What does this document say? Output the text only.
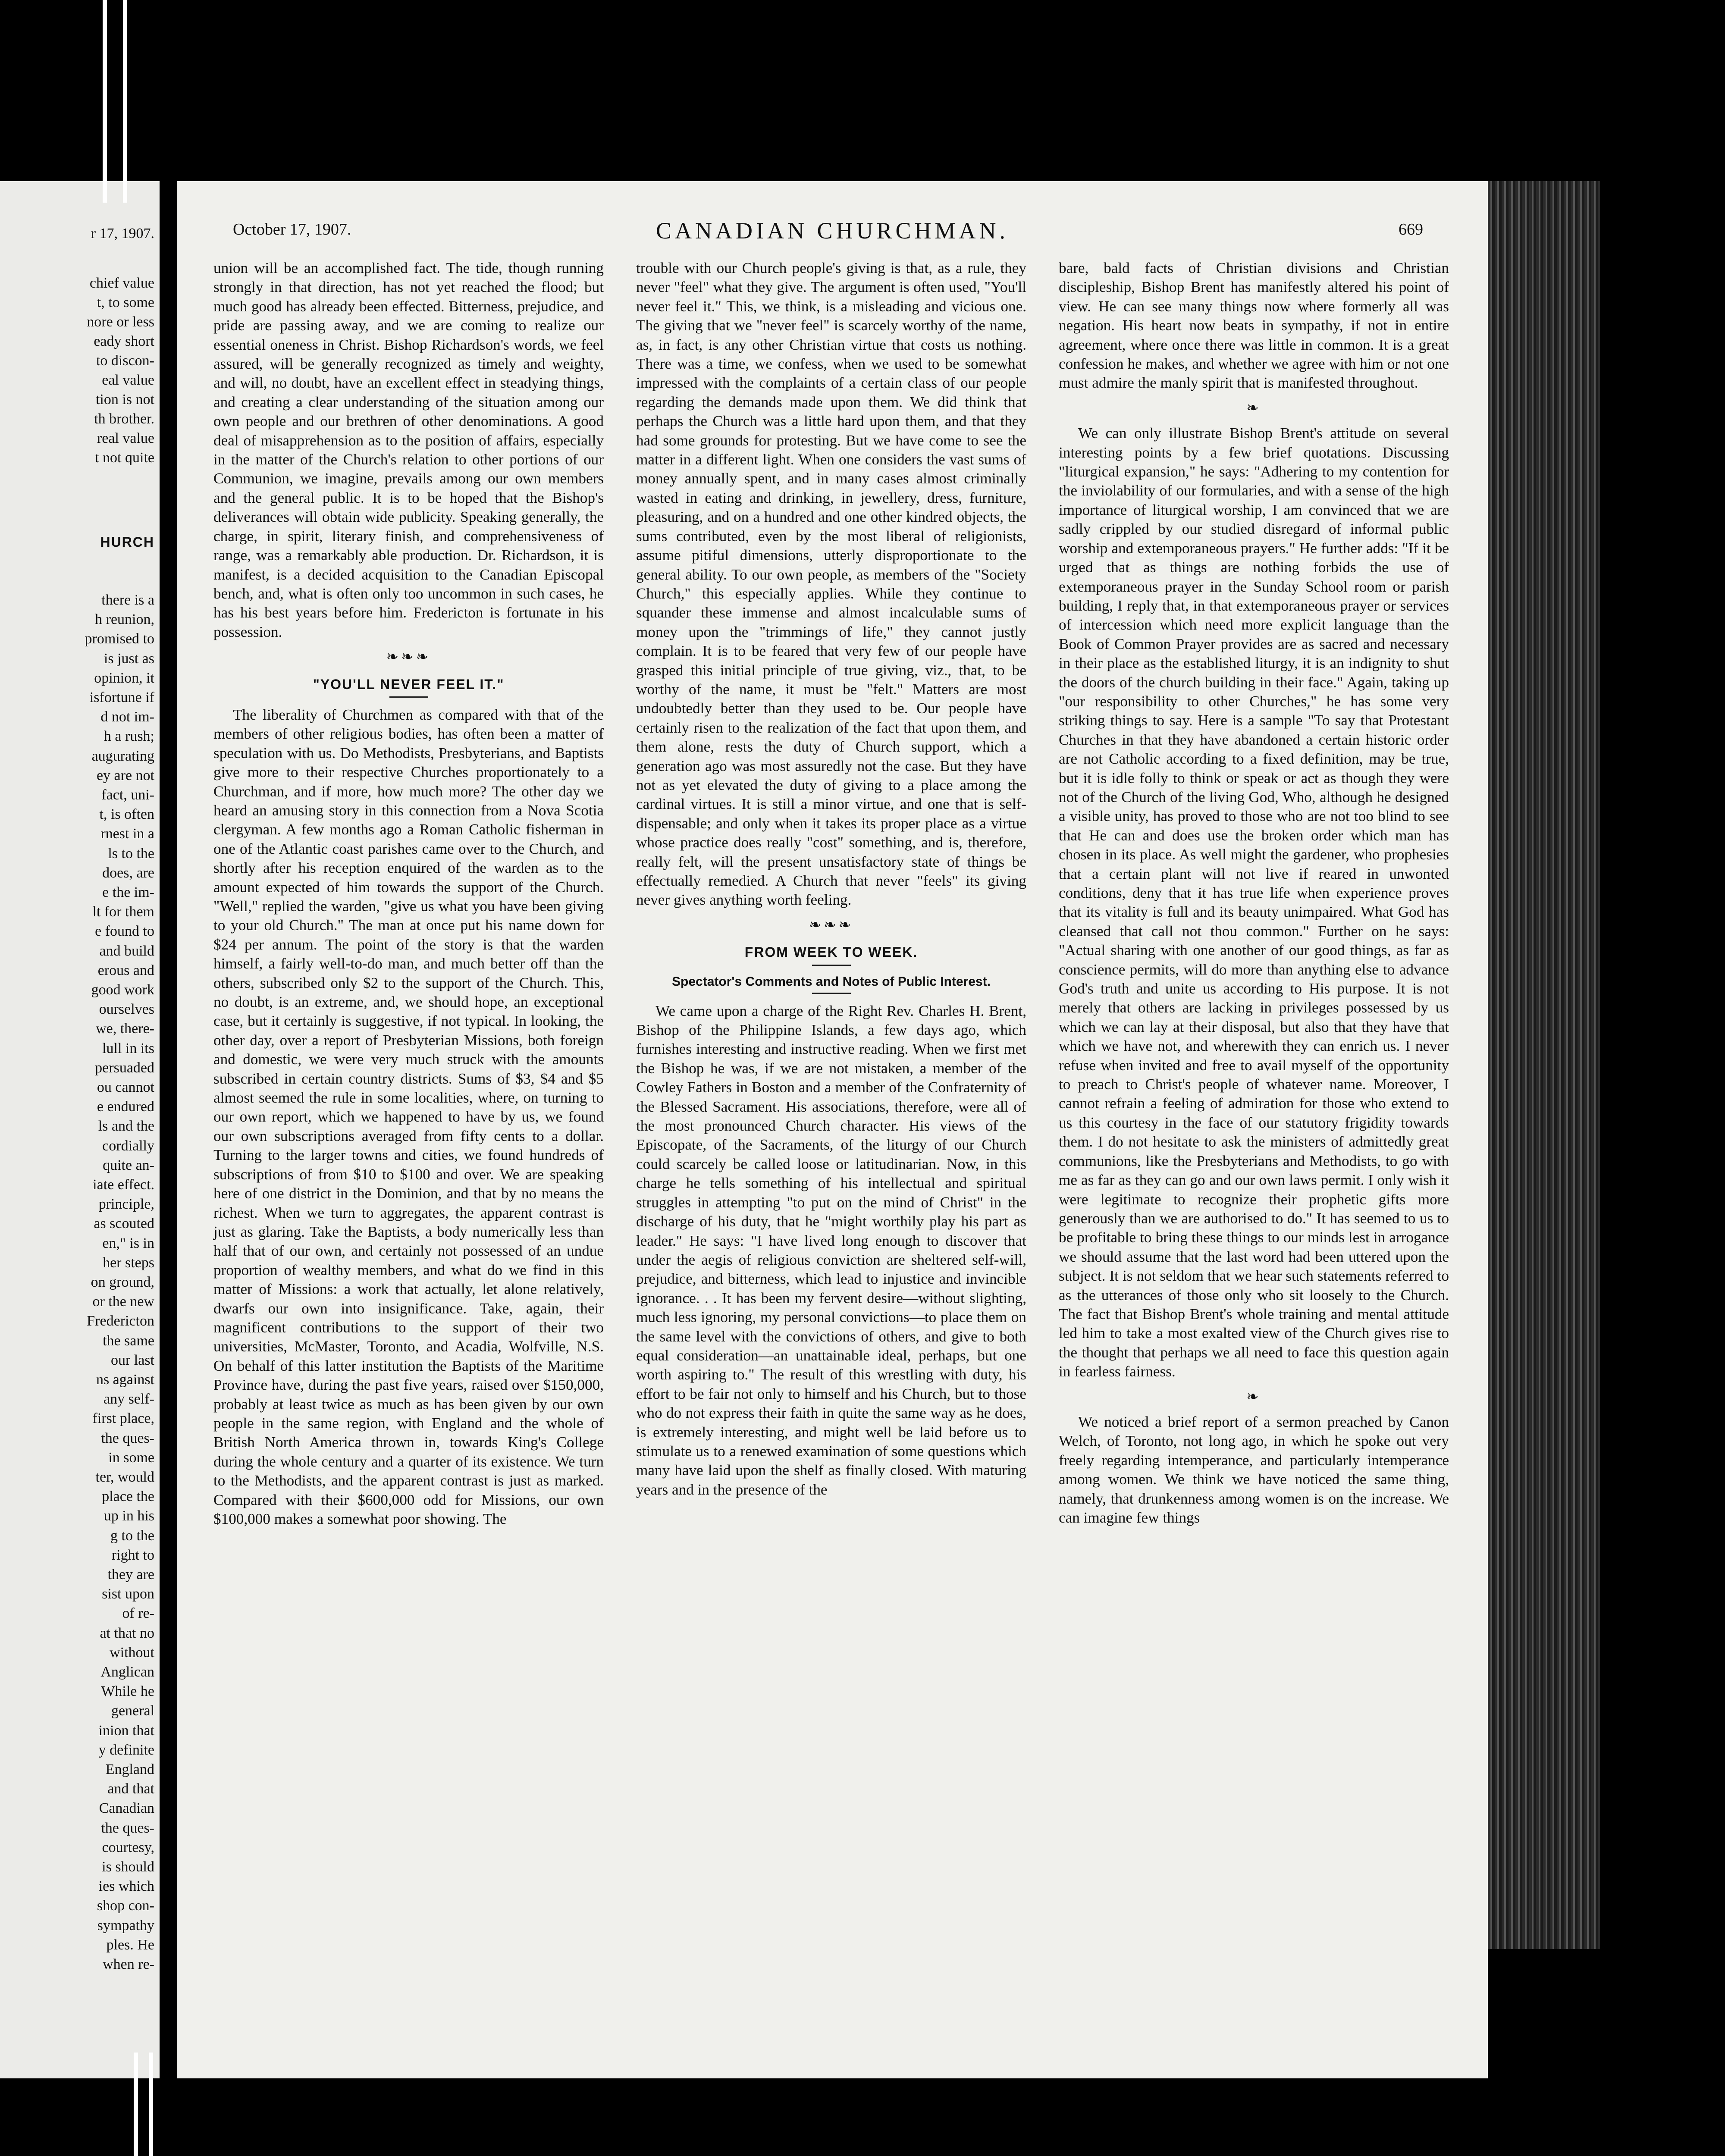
r 17, 1907.
chief value
t, to some
nore or less
eady short
to discon-
eal value
tion is not
th brother.
real value
t not quite
HURCH
there is a
h reunion,
promised to
is just as
opinion, it
isfortune if
d not im-
h a rush;
augurating
ey are not
fact, uni-
t, is often
rnest in a
ls to the
does, are
e the im-
lt for them
e found to
and build
erous and
good work
ourselves
we, there-
lull in its
persuaded
ou cannot
e endured
ls and the
cordially
quite an-
iate effect.
principle,
as scouted
en," is in
her steps
on ground,
or the new
Fredericton
the same
our last
ns against
any self-
first place,
the ques-
in some
ter, would
place the
up in his
g to the
right to
they are
sist upon
of re-
at that no
without
Anglican
While he
general
inion that
y definite
England
and that
Canadian
the ques-
courtesy,
is should
ies which
shop con-
sympathy
ples. He
when re-
October 17, 1907.	CANADIAN CHURCHMAN.	669

union will be an accomplished fact. The tide, though running strongly in that direction, has not yet reached the flood; but much good has already been effected. Bitterness, prejudice, and pride are passing away, and we are coming to realize our essential oneness in Christ. Bishop Richardson's words, we feel assured, will be generally recognized as timely and weighty, and will, no doubt, have an excellent effect in steadying things, and creating a clear understanding of the situation among our own people and our brethren of other denominations. A good deal of misapprehension as to the position of affairs, especially in the matter of the Church's relation to other portions of our Communion, we imagine, prevails among our own members and the general public. It is to be hoped that the Bishop's deliverances will obtain wide publicity. Speaking generally, the charge, in spirit, literary finish, and comprehensiveness of range, was a remarkably able production. Dr. Richardson, it is manifest, is a decided acquisition to the Canadian Episcopal bench, and, what is often only too uncommon in such cases, he has his best years before him. Fredericton is fortunate in his possession.

❧❧❧
"YOU'LL NEVER FEEL IT."

The liberality of Churchmen as compared with that of the members of other religious bodies, has often been a matter of speculation with us. Do Methodists, Presbyterians, and Baptists give more to their respective Churches proportionately to a Churchman, and if more, how much more? The other day we heard an amusing story in this connection from a Nova Scotia clergyman. A few months ago a Roman Catholic fisherman in one of the Atlantic coast parishes came over to the Church, and shortly after his reception enquired of the warden as to the amount expected of him towards the support of the Church. "Well," replied the warden, "give us what you have been giving to your old Church." The man at once put his name down for $24 per annum. The point of the story is that the warden himself, a fairly well-to-do man, and much better off than the others, subscribed only $2 to the support of the Church. This, no doubt, is an extreme, and, we should hope, an exceptional case, but it certainly is suggestive, if not typical. In looking, the other day, over a report of Presbyterian Missions, both foreign and domestic, we were very much struck with the amounts subscribed in certain country districts. Sums of $3, $4 and $5 almost seemed the rule in some localities, where, on turning to our own report, which we happened to have by us, we found our own subscriptions averaged from fifty cents to a dollar. Turning to the larger towns and cities, we found hundreds of subscriptions of from $10 to $100 and over. We are speaking here of one district in the Dominion, and that by no means the richest. When we turn to aggregates, the apparent contrast is just as glaring. Take the Baptists, a body numerically less than half that of our own, and certainly not possessed of an undue proportion of wealthy members, and what do we find in this matter of Missions: a work that actually, let alone relatively, dwarfs our own into insignificance. Take, again, their magnificent contributions to the support of their two universities, McMaster, Toronto, and Acadia, Wolfville, N.S. On behalf of this latter institution the Baptists of the Maritime Province have, during the past five years, raised over $150,000, probably at least twice as much as has been given by our own people in the same region, with England and the whole of British North America thrown in, towards King's College during the whole century and a quarter of its existence. We turn to the Methodists, and the apparent contrast is just as marked. Compared with their $600,000 odd for Missions, our own $100,000 makes a somewhat poor showing. The

trouble with our Church people's giving is that, as a rule, they never "feel" what they give. The argument is often used, "You'll never feel it." This, we think, is a misleading and vicious one. The giving that we "never feel" is scarcely worthy of the name, as, in fact, is any other Christian virtue that costs us nothing. There was a time, we confess, when we used to be somewhat impressed with the complaints of a certain class of our people regarding the demands made upon them. We did think that perhaps the Church was a little hard upon them, and that they had some grounds for protesting. But we have come to see the matter in a different light. When one considers the vast sums of money annually spent, and in many cases almost criminally wasted in eating and drinking, in jewellery, dress, furniture, pleasuring, and on a hundred and one other kindred objects, the sums contributed, even by the most liberal of religionists, assume pitiful dimensions, utterly disproportionate to the general ability. To our own people, as members of the "Society Church," this especially applies. While they continue to squander these immense and almost incalculable sums of money upon the "trimmings of life," they cannot justly complain. It is to be feared that very few of our people have grasped this initial principle of true giving, viz., that, to be worthy of the name, it must be "felt." Matters are most undoubtedly better than they used to be. Our people have certainly risen to the realization of the fact that upon them, and them alone, rests the duty of Church support, which a generation ago was most assuredly not the case. But they have not as yet elevated the duty of giving to a place among the cardinal virtues. It is still a minor virtue, and one that is self-dispensable; and only when it takes its proper place as a virtue whose practice does really "cost" something, and is, therefore, really felt, will the present unsatisfactory state of things be effectually remedied. A Church that never "feels" its giving never gives anything worth feeling.

❧❧❧
FROM WEEK TO WEEK.
Spectator's Comments and Notes of Public Interest.

We came upon a charge of the Right Rev. Charles H. Brent, Bishop of the Philippine Islands, a few days ago, which furnishes interesting and instructive reading. When we first met the Bishop he was, if we are not mistaken, a member of the Cowley Fathers in Boston and a member of the Confraternity of the Blessed Sacrament. His associations, therefore, were all of the most pronounced Church character. His views of the Episcopate, of the Sacraments, of the liturgy of our Church could scarcely be called loose or latitudinarian. Now, in this charge he tells something of his intellectual and spiritual struggles in attempting "to put on the mind of Christ" in the discharge of his duty, that he "might worthily play his part as leader." He says: "I have lived long enough to discover that under the aegis of religious conviction are sheltered self-will, prejudice, and bitterness, which lead to injustice and invincible ignorance. . . It has been my fervent desire—without slighting, much less ignoring, my personal convictions—to place them on the same level with the convictions of others, and give to both equal consideration—an unattainable ideal, perhaps, but one worth aspiring to." The result of this wrestling with duty, his effort to be fair not only to himself and his Church, but to those who do not express their faith in quite the same way as he does, is extremely interesting, and might well be laid before us to stimulate us to a renewed examination of some questions which many have laid upon the shelf as finally closed. With maturing years and in the presence of the

bare, bald facts of Christian divisions and Christian discipleship, Bishop Brent has manifestly altered his point of view. He can see many things now where formerly all was negation. His heart now beats in sympathy, if not in entire agreement, where once there was little in common. It is a great confession he makes, and whether we agree with him or not one must admire the manly spirit that is manifested throughout.

❧

We can only illustrate Bishop Brent's attitude on several interesting points by a few brief quotations. Discussing "liturgical expansion," he says: "Adhering to my contention for the inviolability of our formularies, and with a sense of the high importance of liturgical worship, I am convinced that we are sadly crippled by our studied disregard of informal public worship and extemporaneous prayers." He further adds: "If it be urged that as things are nothing forbids the use of extemporaneous prayer in the Sunday School room or parish building, I reply that, in that extemporaneous prayer or services of intercession which need more explicit language than the Book of Common Prayer provides are as sacred and necessary in their place as the established liturgy, it is an indignity to shut the doors of the church building in their face." Again, taking up "our responsibility to other Churches," he has some very striking things to say. Here is a sample "To say that Protestant Churches in that they have abandoned a certain historic order are not Catholic according to a fixed definition, may be true, but it is idle folly to think or speak or act as though they were not of the Church of the living God, Who, although he designed a visible unity, has proved to those who are not too blind to see that He can and does use the broken order which man has chosen in its place. As well might the gardener, who prophesies that a certain plant will not live if reared in unwonted conditions, deny that it has true life when experience proves that its vitality is full and its beauty unimpaired. What God has cleansed that call not thou common." Further on he says: "Actual sharing with one another of our good things, as far as conscience permits, will do more than anything else to advance God's truth and unite us according to His purpose. It is not merely that others are lacking in privileges possessed by us which we can lay at their disposal, but also that they have that which we have not, and wherewith they can enrich us. I never refuse when invited and free to avail myself of the opportunity to preach to Christ's people of whatever name. Moreover, I cannot refrain a feeling of admiration for those who extend to us this courtesy in the face of our statutory frigidity towards them. I do not hesitate to ask the ministers of admittedly great communions, like the Presbyterians and Methodists, to go with me as far as they can go and our own laws permit. I only wish it were legitimate to recognize their prophetic gifts more generously than we are authorised to do." It has seemed to us to be profitable to bring these things to our minds lest in arrogance we should assume that the last word had been uttered upon the subject. It is not seldom that we hear such statements referred to as the utterances of those only who sit loosely to the Church. The fact that Bishop Brent's whole training and mental attitude led him to take a most exalted view of the Church gives rise to the thought that perhaps we all need to face this question again in fearless fairness.

❧

We noticed a brief report of a sermon preached by Canon Welch, of Toronto, not long ago, in which he spoke out very freely regarding intemperance, and particularly intemperance among women. We think we have noticed the same thing, namely, that drunkenness among women is on the increase. We can imagine few things
